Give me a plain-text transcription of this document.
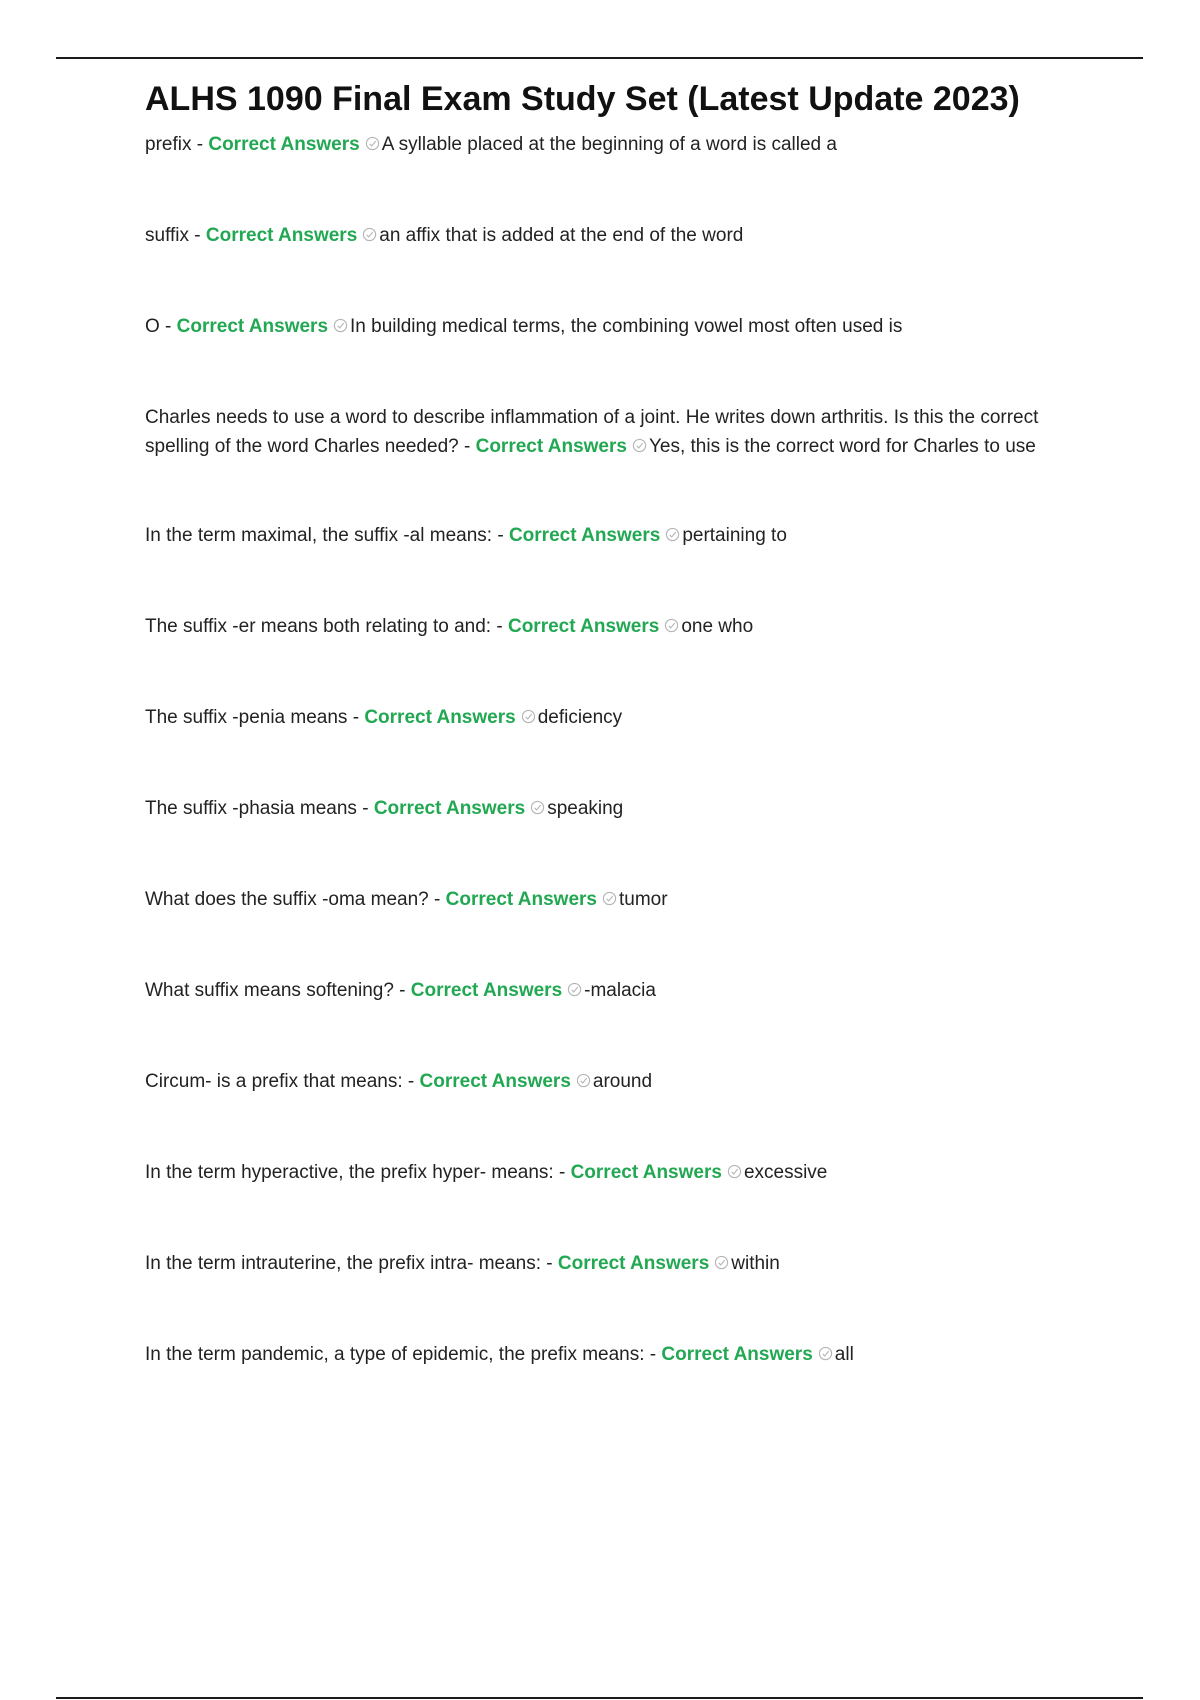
ALHS 1090 Final Exam Study Set (Latest Update 2023)
prefix - Correct Answers A syllable placed at the beginning of a word is called a
suffix - Correct Answers an affix that is added at the end of the word
O - Correct Answers In building medical terms, the combining vowel most often used is
Charles needs to use a word to describe inflammation of a joint. He writes down arthritis. Is this the correct spelling of the word Charles needed? - Correct Answers Yes, this is the correct word for Charles to use
In the term maximal, the suffix -al means: - Correct Answers pertaining to
The suffix -er means both relating to and: - Correct Answers one who
The suffix -penia means - Correct Answers deficiency
The suffix -phasia means - Correct Answers speaking
What does the suffix -oma mean? - Correct Answers tumor
What suffix means softening? - Correct Answers -malacia
Circum- is a prefix that means: - Correct Answers around
In the term hyperactive, the prefix hyper- means: - Correct Answers excessive
In the term intrauterine, the prefix intra- means: - Correct Answers within
In the term pandemic, a type of epidemic, the prefix means: - Correct Answers all
